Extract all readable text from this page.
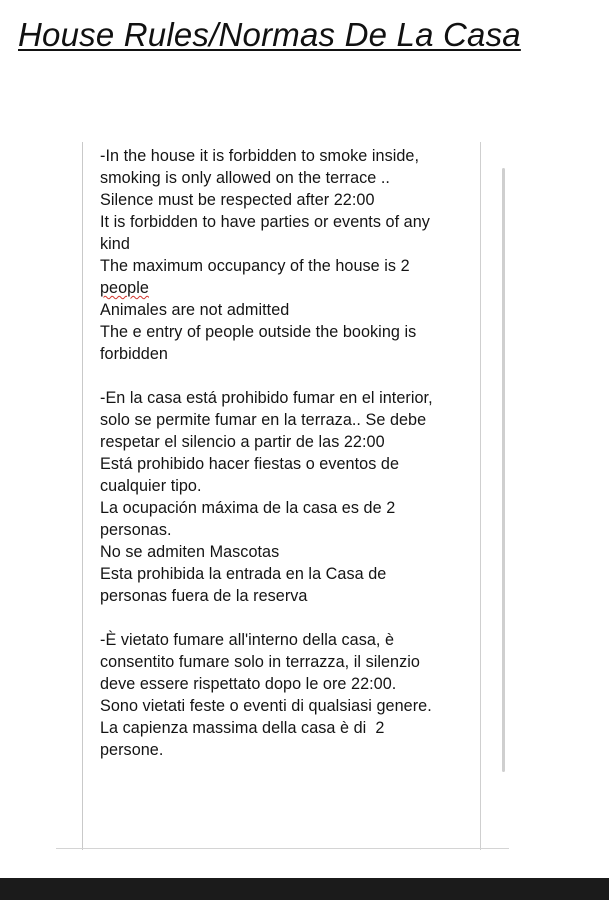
House Rules/Normas De La Casa

-In the house it is forbidden to smoke inside, smoking is only allowed on the terrace .. Silence must be respected after 22:00

It is forbidden to have parties or events of any kind

The maximum occupancy of the house is 2
people

Animales are not admitted

The e entry of people outside the booking is forbidden

-En la casa está prohibido fumar en el interior, solo se permite fumar en la terraza.. Se debe respetar el silencio a partir de las 22:00

Está prohibido hacer fiestas o eventos de cualquier tipo.

La ocupación máxima de la casa es de 2 personas.

No se admiten Mascotas

Esta prohibida la entrada en la Casa de personas fuera de la reserva

-È vietato fumare all'interno della casa, è consentito fumare solo in terrazza, il silenzio deve essere rispettato dopo le ore 22:00.

Sono vietati feste o eventi di qualsiasi genere.

La capienza massima della casa è di  2 persone.
